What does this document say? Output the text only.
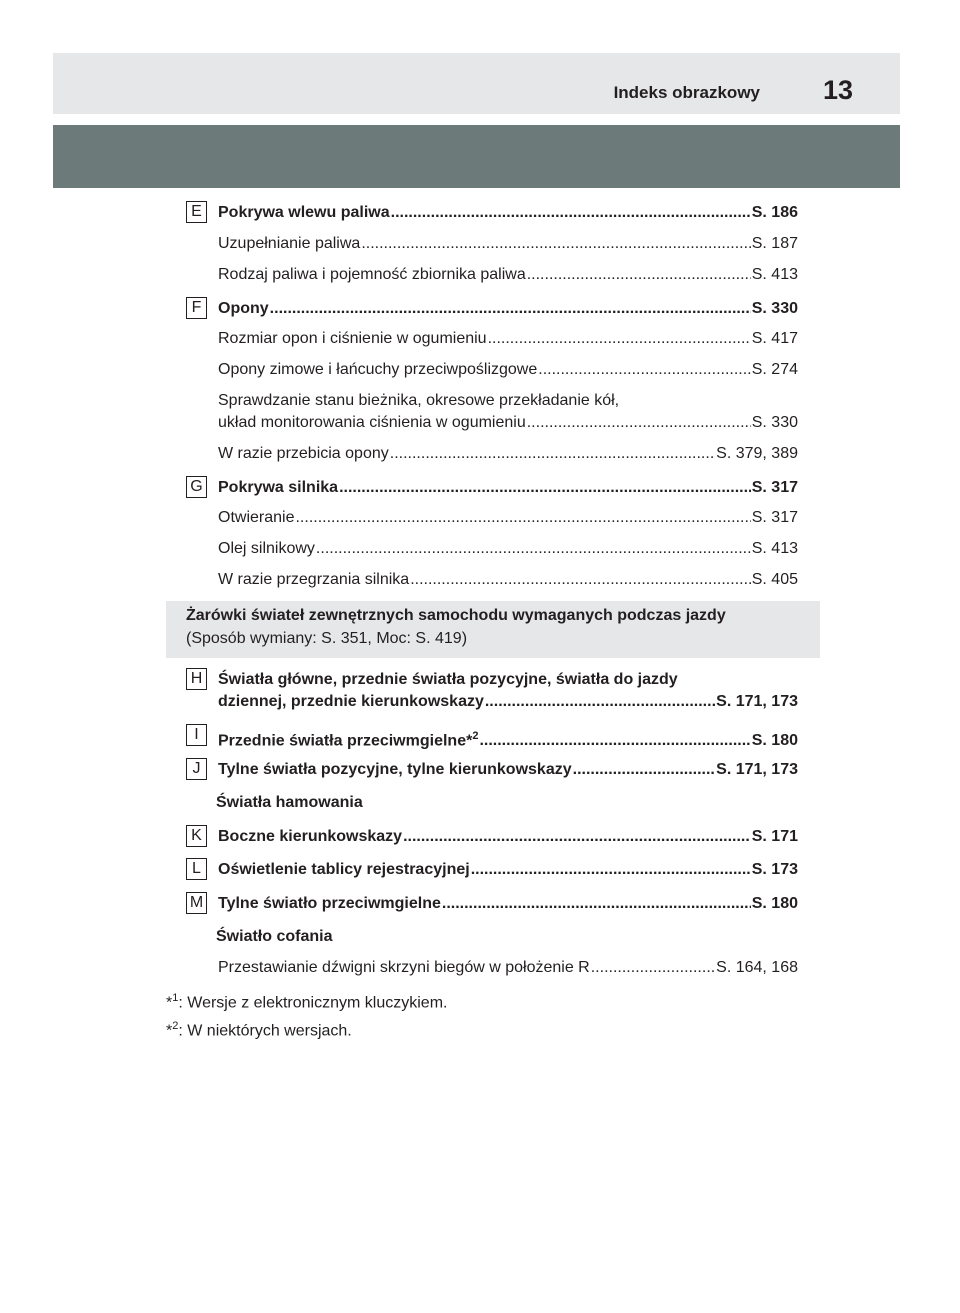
Indeks obrazkowy 13
E	Pokrywa wlewu paliwa .....	S. 186
Uzupełnianie paliwa .....	S. 187
Rodzaj paliwa i pojemność zbiornika paliwa .....	S. 413
F	Opony .....	S. 330
Rozmiar opon i ciśnienie w ogumieniu .....	S. 417
Opony zimowe i łańcuchy przeciwpoślizgowe .....	S. 274
Sprawdzanie stanu bieżnika, okresowe przekładanie kół,
układ monitorowania ciśnienia w ogumieniu .....	S. 330
W razie przebicia opony .....	S. 379, 389
G Pokrywa silnika .....	S. 317
Otwieranie .....	S. 317
Olej silnikowy .....	S. 413
W razie przegrzania silnika .....	S. 405
Żarówki świateł zewnętrznych samochodu wymaganych podczas jazdy
(Sposób wymiany: S. 351, Moc: S. 419)
H Światła główne, przednie światła pozycyjne, światła do jazdy
dziennej, przednie kierunkowskazy .....	S. 171, 173
I	Przednie światła przeciwmgielne*$^2$ .....	S. 180
J	Tylne światła pozycyjne, tylne kierunkowskazy .....	S. 171, 173
Światła hamowania
K	Boczne kierunkowskazy .....	S. 171
L	Oświetlenie tablicy rejestracyjnej .....	S. 173
M Tylne światło przeciwmgielne .....	S. 180
Światło cofania
Przestawianie dźwigni skrzyni biegów w położenie R .....	S. 164, 168
*$^1$: Wersje z elektronicznym kluczykiem.
*$^2$: W niektórych wersjach.
